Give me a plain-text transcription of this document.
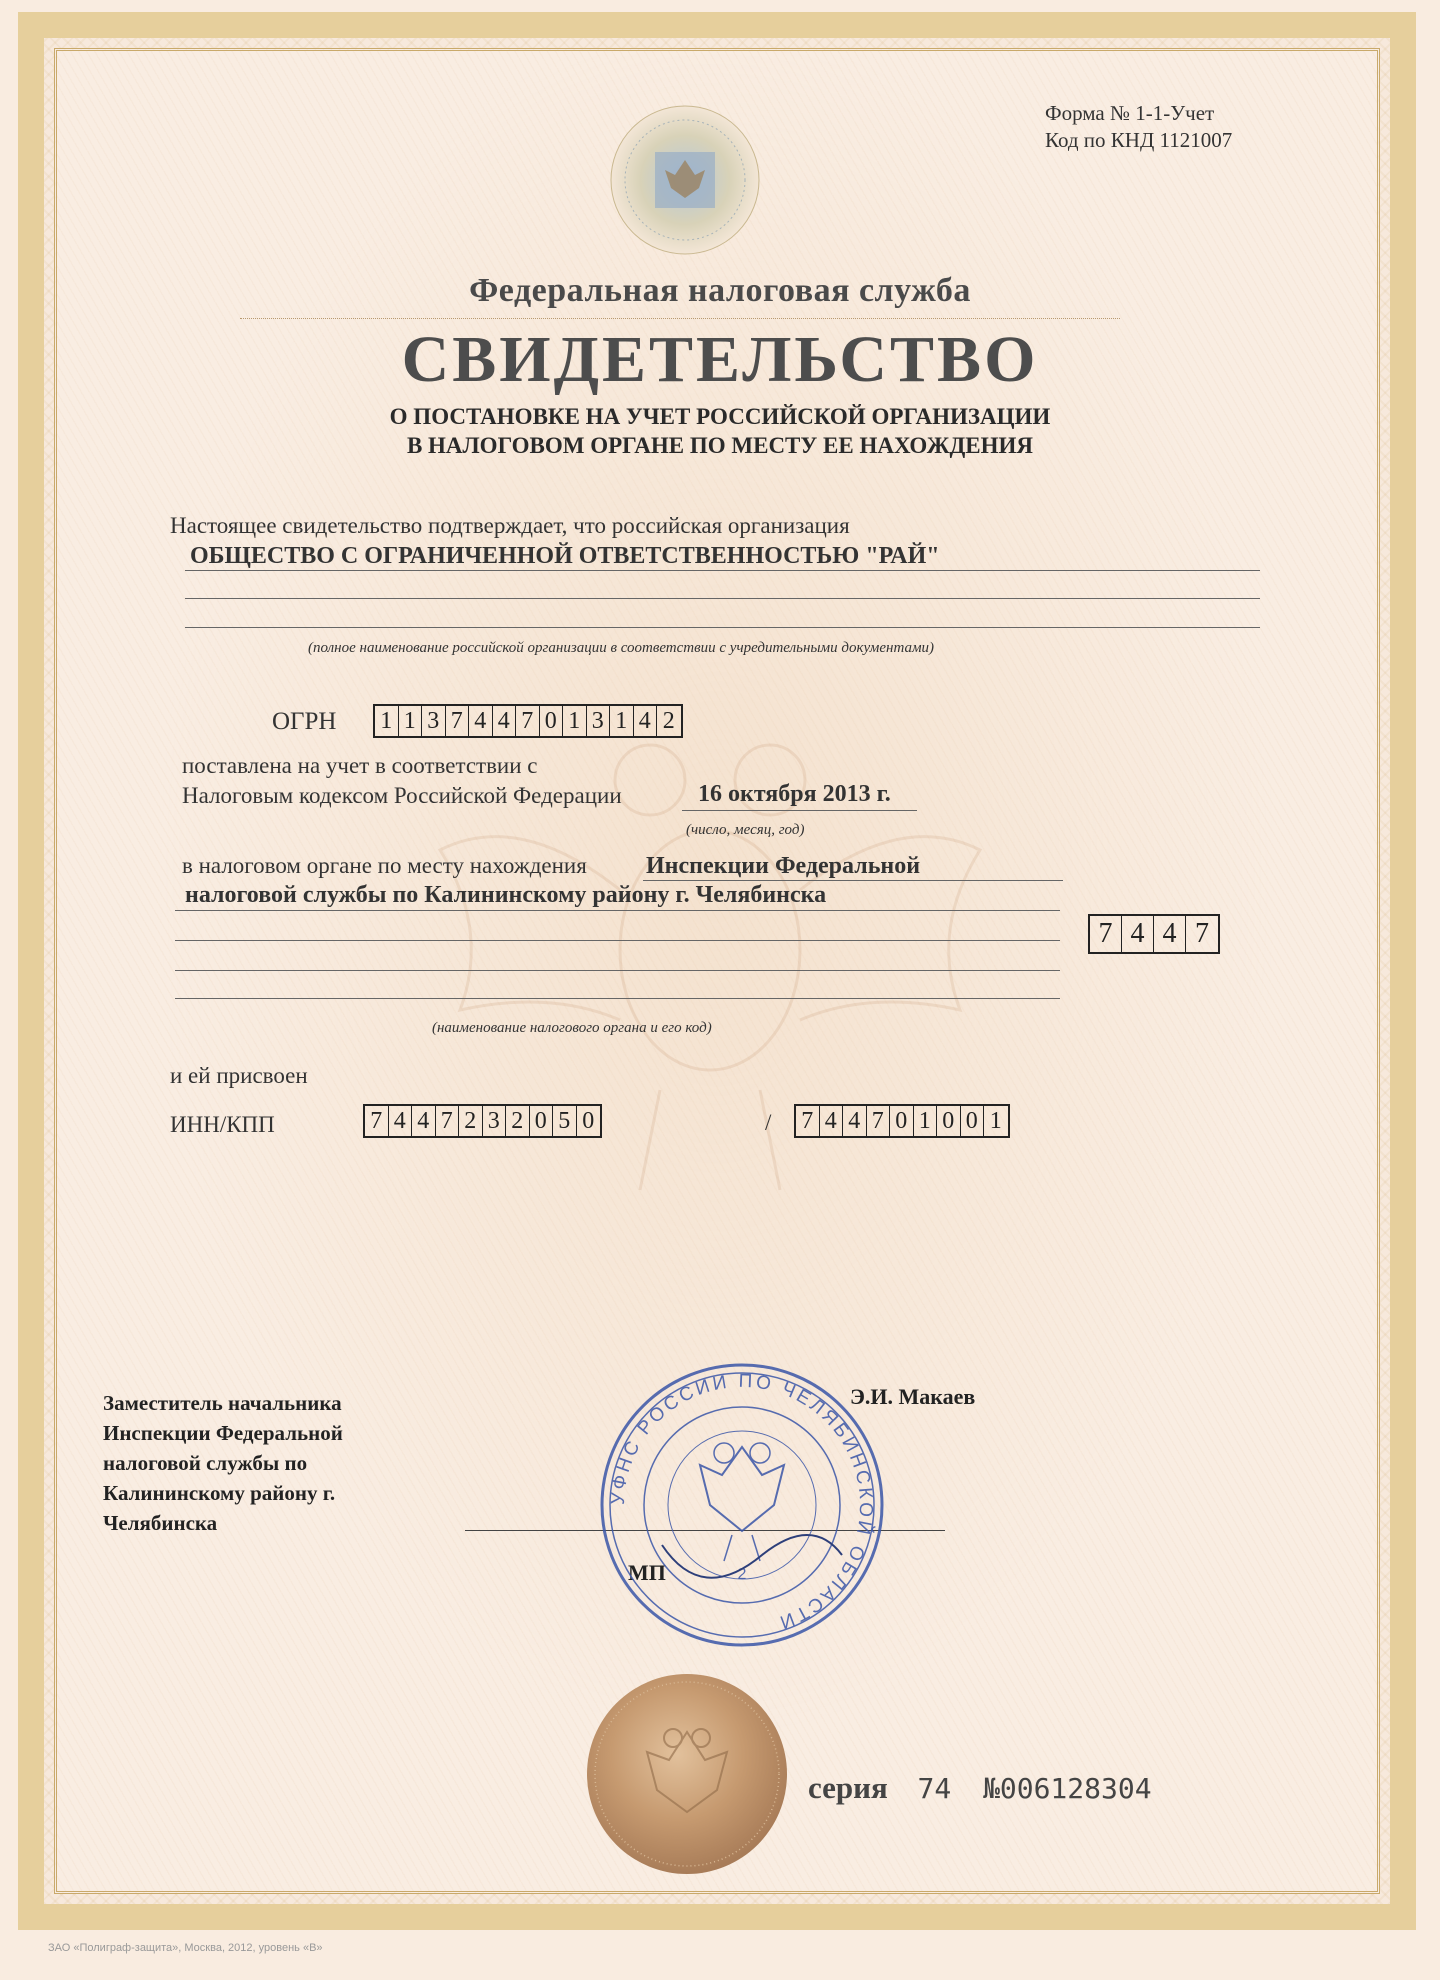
Форма № 1-1-Учет
Код по КНД 1121007
Федеральная налоговая служба
СВИДЕТЕЛЬСТВО
О ПОСТАНОВКЕ НА УЧЕТ РОССИЙСКОЙ ОРГАНИЗАЦИИ
В НАЛОГОВОМ ОРГАНЕ ПО МЕСТУ ЕЕ НАХОЖДЕНИЯ
Настоящее свидетельство подтверждает, что российская организация
ОБЩЕСТВО С ОГРАНИЧЕННОЙ ОТВЕТСТВЕННОСТЬЮ "РАЙ"
(полное наименование российской организации в соответствии с учредительными документами)
ОГРН 1 1 3 7 4 4 7 0 1 3 1 4 2
поставлена на учет в соответствии с
Налоговым кодексом Российской Федерации	16 октября 2013 г.
(число, месяц, год)
в налоговом органе по месту нахождения Инспекции Федеральной
налоговой службы по Калининскому району г. Челябинска
7 4 4 7
(наименование налогового органа и его код)
и ей присвоен
ИНН/КПП	7 4 4 7 2 3 2 0 5 0	/ 7 4 4 7 0 1 0 0 1
Заместитель начальника
Инспекции Федеральной
налоговой службы по
Калининскому району г.
Челябинска
Э.И. Макаев
МП
УФНС РОССИИ ПО ЧЕЛЯБИНСКОЙ ОБЛАСТИ
2
серия 74 №006128304
ЗАО «Полиграф-защита», Москва, 2012, уровень «В»
